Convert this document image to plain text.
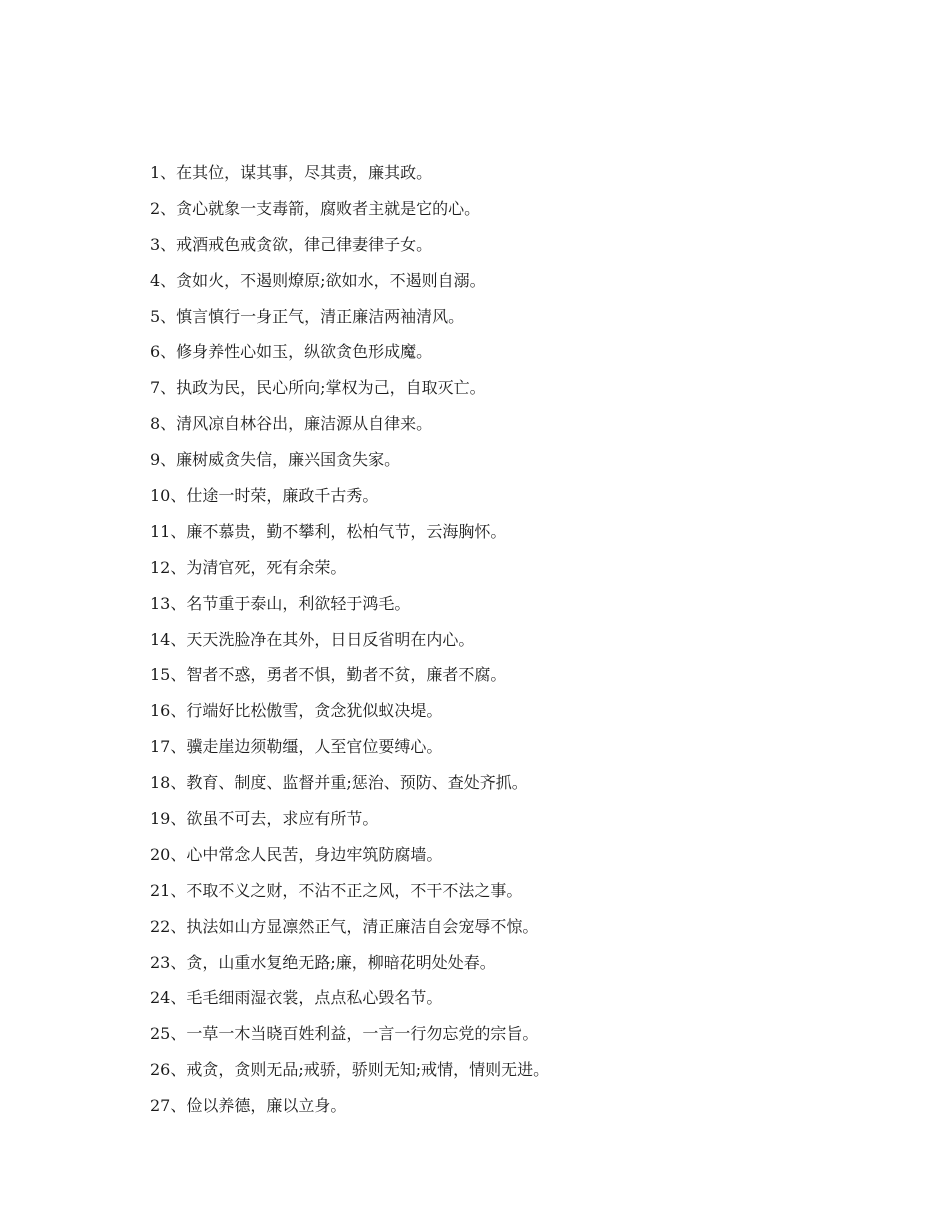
1、在其位，谋其事，尽其责，廉其政。
2、贪心就象一支毒箭，腐败者主就是它的心。
3、戒酒戒色戒贪欲，律己律妻律子女。
4、贪如火，不遏则燎原;欲如水，不遏则自溺。
5、慎言慎行一身正气，清正廉洁两袖清风。
6、修身养性心如玉，纵欲贪色形成魔。
7、执政为民，民心所向;掌权为己，自取灭亡。
8、清风凉自林谷出，廉洁源从自律来。
9、廉树威贪失信，廉兴国贪失家。
10、仕途一时荣，廉政千古秀。
11、廉不慕贵，勤不攀利，松柏气节，云海胸怀。
12、为清官死，死有余荣。
13、名节重于泰山，利欲轻于鸿毛。
14、天天洗脸净在其外，日日反省明在内心。
15、智者不惑，勇者不惧，勤者不贫，廉者不腐。
16、行端好比松傲雪，贪念犹似蚁决堤。
17、骥走崖边须勒缰，人至官位要缚心。
18、教育、制度、监督并重;惩治、预防、查处齐抓。
19、欲虽不可去，求应有所节。
20、心中常念人民苦，身边牢筑防腐墙。
21、不取不义之财，不沾不正之风，不干不法之事。
22、执法如山方显凛然正气，清正廉洁自会宠辱不惊。
23、贪，山重水复绝无路;廉，柳暗花明处处春。
24、毛毛细雨湿衣裳，点点私心毁名节。
25、一草一木当晓百姓利益，一言一行勿忘党的宗旨。
26、戒贪，贪则无品;戒骄，骄则无知;戒情，情则无进。
27、俭以养德，廉以立身。
